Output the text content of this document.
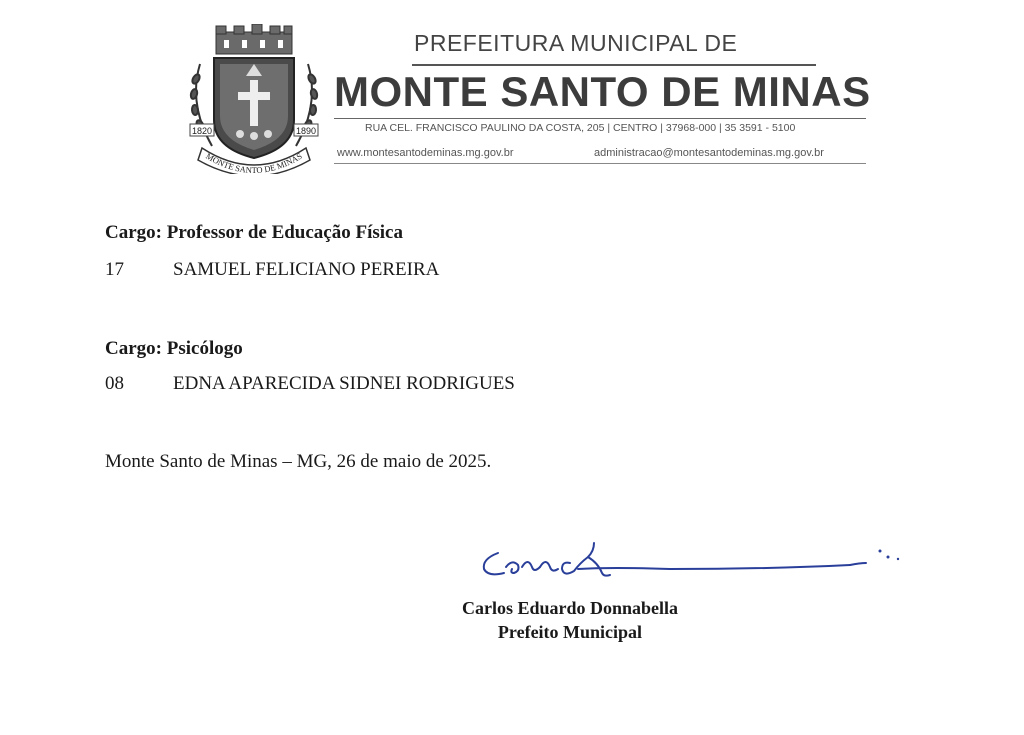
1820	1890
MONTE SANTO DE MINAS
PREFEITURA MUNICIPAL DE
MONTE SANTO DE MINAS
RUA CEL. FRANCISCO PAULINO DA COSTA, 205 | CENTRO | 37968-000 | 35 3591 - 5100
www.montesantodeminas.mg.gov.br	administracao@montesantodeminas.mg.gov.br
Cargo: Professor de Educação Física
17	SAMUEL FELICIANO PEREIRA
Cargo: Psicólogo
08	EDNA APARECIDA SIDNEI RODRIGUES
Monte Santo de Minas – MG, 26 de maio de 2025.
Carlos Eduardo Donnabella
Prefeito Municipal
